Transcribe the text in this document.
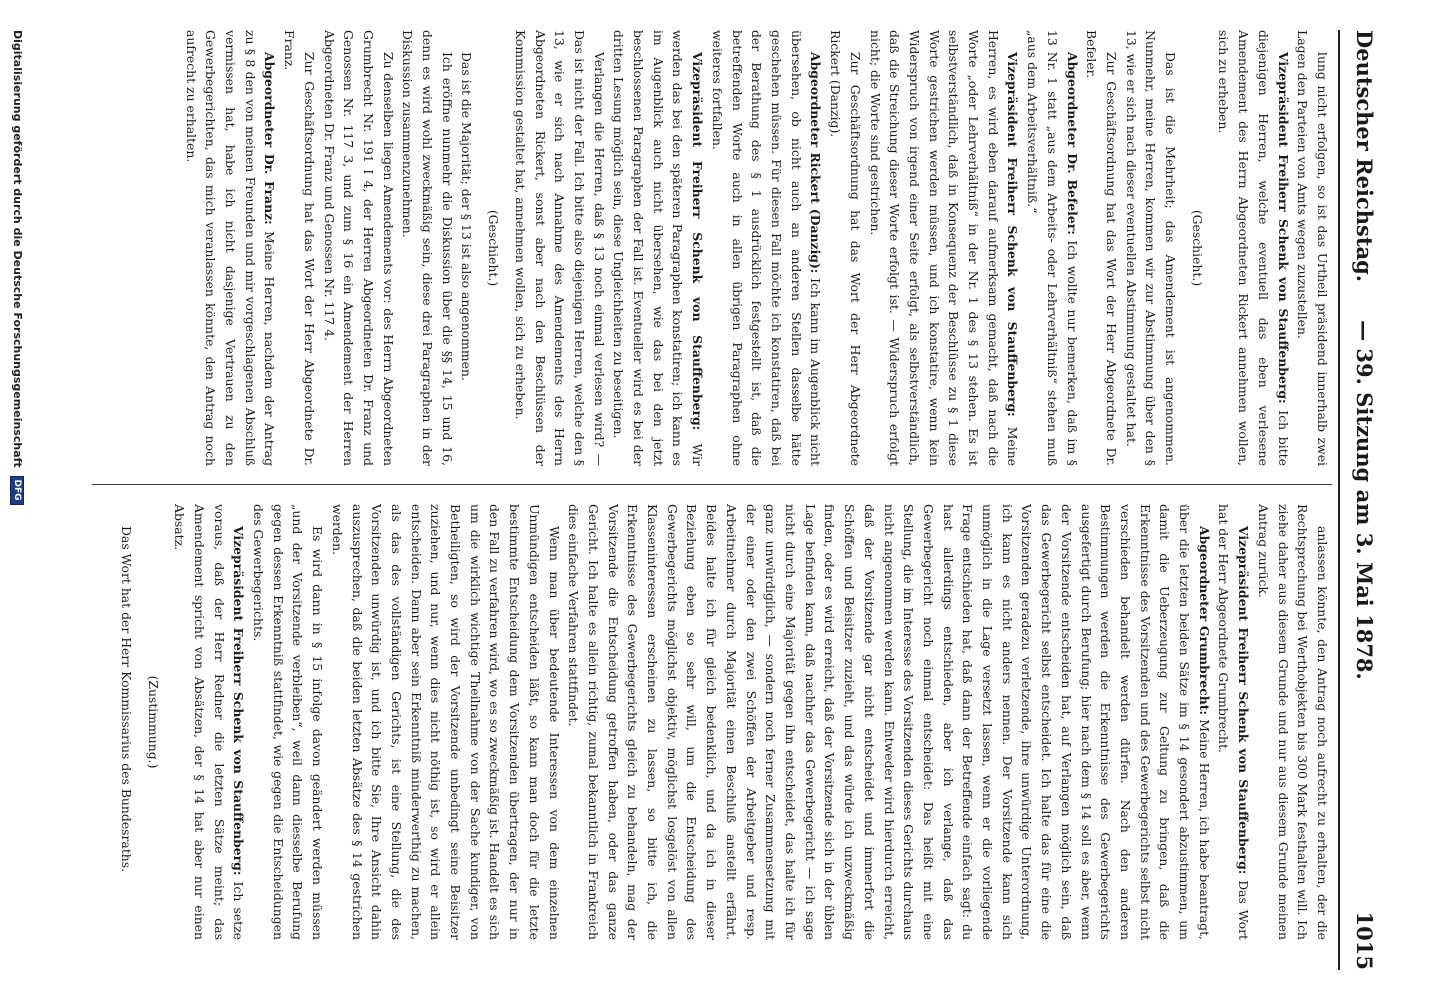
Deutscher Reichstag.
— 39. Sitzung am 3. Mai 1878.
1015

lung nicht erfolgen, so ist das Urtheil präsidend innerhalb zwei Lagen den Parteien von Amts wegen zuzustellen.

Vizepräsident Freiherr Schenk von Stauffenberg: Ich bitte diejenigen Herren, welche eventuell das eben verlesene Amendement des Herrn Abgeordneten Rickert annehmen wollen, sich zu erheben.

(Geschieht.)

Das ist die Mehrheit; das Amendement ist angenommen. Nunmehr, meine Herren, kommen wir zur Abstimmung über den § 13, wie er sich nach dieser eventuellen Abstimmung gestaltet hat.

Zur Geschäftsordnung hat das Wort der Herr Abgeordnete Dr. Befeler.

Abgeordneter Dr. Befeler: Ich wollte nur bemerken, daß im § 13 Nr. 1 statt „aus dem Arbeits- oder Lehrverhältniß“ stehen muß „aus dem Arbeitsverhältniß.“

Vizepräsident Freiherr Schenk von Stauffenberg: Meine Herren, es wird eben darauf aufmerksam gemacht, daß nach die Worte „oder Lehrverhältniß“ in der Nr. 1 des § 13 stehen. Es ist selbstverständlich, daß in Konsequenz der Beschlüsse zu § 1 diese Worte gestrichen werden müssen, und ich konstatire, wenn kein Widerspruch von irgend einer Seite erfolgt, als selbstverständlich, daß die Streichung dieser Worte erfolgt ist. — Widerspruch erfolgt nicht; die Worte sind gestrichen.

Zur Geschäftsordnung hat das Wort der Herr Abgeordnete Rickert (Danzig).

Abgeordneter Rickert (Danzig): Ich kann im Augenblick nicht übersehen, ob nicht auch an anderen Stellen dasselbe hätte geschehen müssen. Für diesen Fall möchte ich konstatiren, daß bei der Berathung des § 1 ausdrücklich festgestellt ist, daß die betreffenden Worte auch in allen übrigen Paragraphen ohne weiteres fortfallen.

Vizepräsident Freiherr Schenk von Stauffenberg: Wir werden das bei den späteren Paragraphen konstatiren; ich kann es im Augenblick auch nicht übersehen, wie das bei den jetzt beschlossenen Paragraphen der Fall ist. Eventueller wird es bei der dritten Lesung möglich sein, diese Ungleichheiten zu beseitigen.

Verlangen die Herren, daß § 13 noch einmal verlesen wird? — Das ist nicht der Fall. Ich bitte also diejenigen Herren, welche den § 13, wie er sich nach Annahme des Amendements des Herrn Abgeordneten Rickert, sonst aber nach den Beschlüssen der Kommission gestaltet hat, annehmen wollen, sich zu erheben.

(Geschieht.)

Das ist die Majorität; der § 13 ist also angenommen.

Ich eröffne nunmehr die Diskussion über die §§ 14, 15 und 16, denn es wird wohl zweckmäßig sein, diese drei Paragraphen in der Diskussion zusammenzunehmen.

Zu denselben liegen Amendements vor: des Herrn Abgeordneten Grumbrecht Nr. 191 I 4, der Herren Abgeordneten Dr. Franz und Genossen Nr. 117 3, und zum § 16 ein Amendement der Herren Abgeordneten Dr. Franz und Genossen Nr. 117 4.

Zur Geschäftsordnung hat das Wort der Herr Abgeordnete Dr. Franz.

Abgeordneter Dr. Franz: Meine Herren, nachdem der Antrag zu § 8 den von meinen Freunden und mir vorgeschlagenen Abschluß vermissen hat, habe ich nicht dasjenige Vertrauen zu den Gewerbegerichten, das mich veranlassen könnte, den Antrag noch aufrecht zu erhalten.

anlassen könnte, den Antrag noch aufrecht zu erhalten, der die Rechtsprechung bei Werthobjekten bis 300 Mark festhalten will. Ich ziehe daher aus diesem Grunde und nur aus diesem Grunde meinen Antrag zurück.

Vizepräsident Freiherr Schenk von Stauffenberg: Das Wort hat der Herr Abgeordnete Grumbrecht.

Abgeordneter Grumbrecht: Meine Herren, ich habe beantragt, über die letzten beiden Sätze im § 14 gesondert abzustimmen, um damit die Ueberzeugung zur Geltung zu bringen, daß die Erkenntnisse des Vorsitzenden und des Gewerbegerichts selbst nicht verschieden behandelt werden dürfen. Nach den anderen Bestimmungen werden die Erkenntnisse des Gewerbegerichts ausgefertigt durch Berufung; hier nach dem § 14 soll es aber, wenn der Vorsitzende entscheiden hat, auf Verlangen möglich sein, daß das Gewerbegericht selbst entscheidet. Ich halte das für eine die Vorsitzenden geradezu verletzende, ihre unwürdige Unterordnung, ich kann es nicht anders nennen. Der Vorsitzende kann sich unmöglich in die Lage versetzt lassen, wenn er die vorliegende Frage entschieden hat, daß dann der Betreffende einfach sagt: du hast allerdings entschieden, aber ich verlange, daß das Gewerbegericht noch einmal entscheidet: Das heißt mit eine Stellung, die im Interesse des Vorsitzenden dieses Gerichts durchaus nicht angenommen werden kann. Entweder wird hierdurch erreicht, daß der Vorsitzende gar nicht entscheidet und immerfort die Schöffen und Beisitzer zuzieht, und das würde ich unzweckmäßig finden, oder es wird erreicht, daß der Vorsitzende sich in der üblen Lage befinden kann, daß nachher das Gewerbegericht — ich sage nicht durch eine Majorität gegen ihn entscheidet, das halte ich für ganz unwürdiglich, — sondern noch ferner Zusammensetzung mit der einer oder den zwei Schöffen der Arbeitgeber und resp. Arbeitnehmer durch Majorität einen Beschluß anstellt erfährt. Beides halte ich für gleich bedenklich, und da ich in dieser Beziehung eben so sehr will, um die Entscheidung des Gewerbegerichts möglichst objektiv, möglichst losgelöst von allen Klasseninteressen erscheinen zu lassen, so bitte ich, die Erkenntnisse des Gewerbegerichts gleich zu behandeln, mag der Vorsitzende die Entscheidung getroffen haben, oder das ganze Gericht. Ich halte es allein richtig, zumal bekanntlich in Frankreich dies einfache Verfahren stattfindet.

Wenn man über bedeutende Interessen von dem einzelnen Unmündigen entscheiden läßt, so kann man doch für die letzte bestimmte Entscheidung dem Vorsitzenden übertragen, der nur in den Fall zu verfahren wird, wo es so zweckmäßig ist. Handelt es sich um die wirklich wichtige Theilnahme von der Sache kundiger, von Betheiligten, so wird der Vorsitzende unbedingt seine Beisitzer zuziehen, und nur, wenn dies nicht nöthig ist, so wird er allein entscheiden. Dann aber sein Erkenntniß minderwerthig zu machen, als das des vollständigen Gerichts, ist eine Stellung, die des Vorsitzenden unwürdig ist, und ich bitte Sie, Ihre Ansicht dahin auszusprechen, daß die beiden letzten Absätze des § 14 gestrichen werden.

Es wird dann in § 15 infolge davon geändert werden müssen „und der Vorsitzende verbleiben“, weil dann diesselbe Berufung gegen dessen Erkenntniß stattfindet, wie gegen die Entscheidungen des Gewerbegerichts.

Vizepräsident Freiherr Schenk von Stauffenberg: Ich setze voraus, daß der Herr Redner die letzten Sätze meint; das Amendement spricht von Absätzen, der § 14 hat aber nur einen Absatz.

(Zustimmung.)

Das Wort hat der Herr Kommissarius des Bundesraths.

Digitalisierung gefördert durch die Deutsche Forschungsgemeinschaft DFG
